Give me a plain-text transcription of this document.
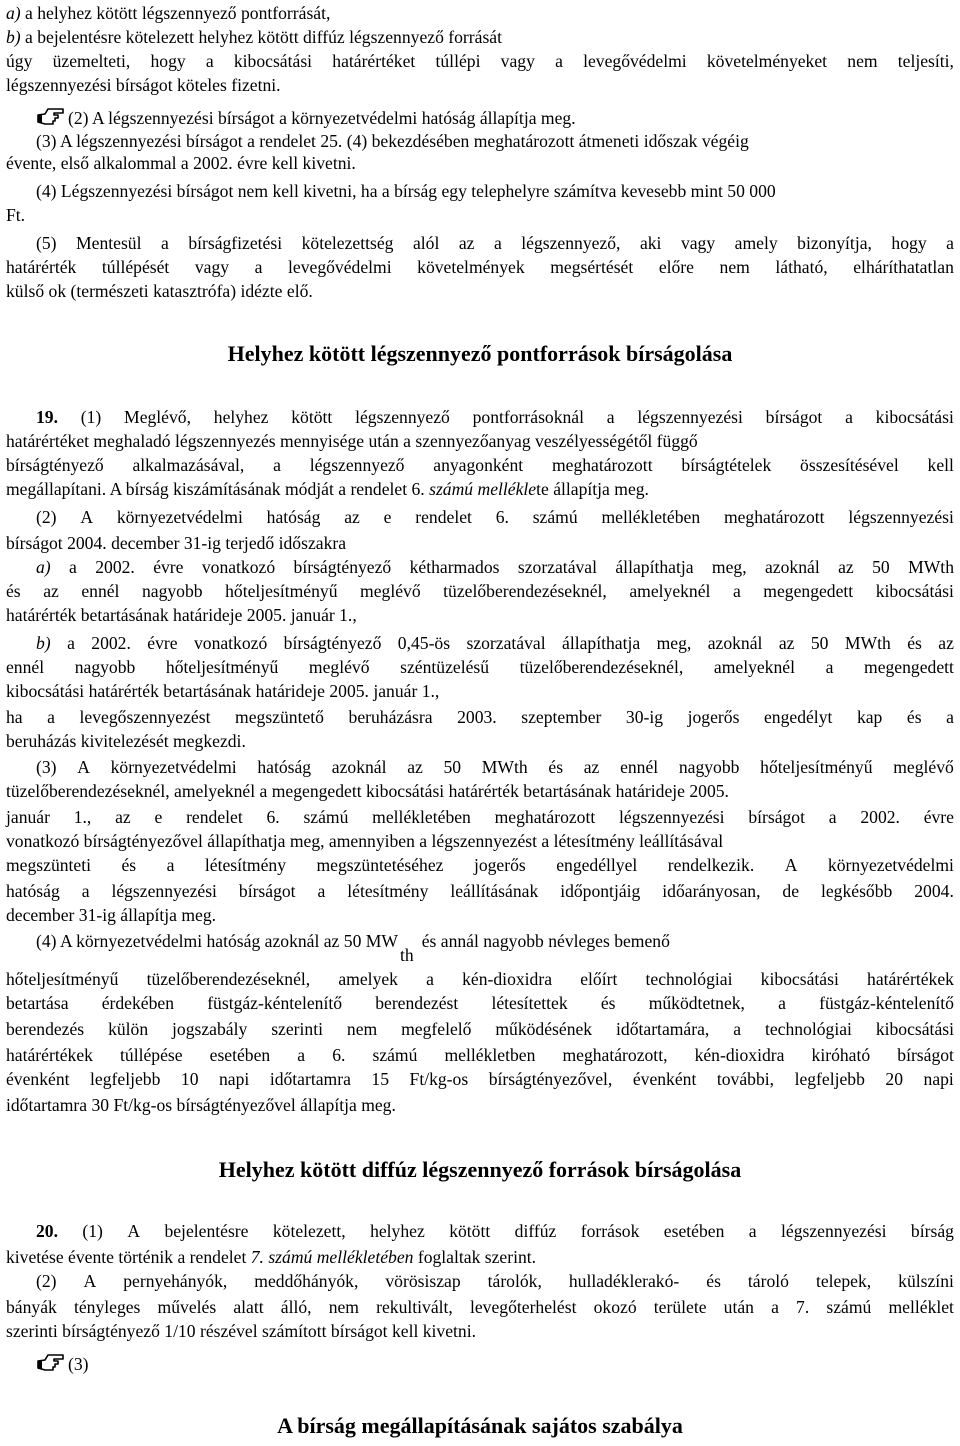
a) a helyhez kötött légszennyező pontforrását,
b) a bejelentésre kötelezett helyhez kötött diffúz légszennyező forrását
úgy üzemelteti, hogy a kibocsátási határértéket túllépi vagy a levegővédelmi követelményeket nem teljesíti,
légszennyezési bírságot köteles fizetni.
(2) A légszennyezési bírságot a környezetvédelmi hatóság állapítja meg.
(3) A légszennyezési bírságot a rendelet 25. (4) bekezdésében meghatározott átmeneti időszak végéig
évente, első alkalommal a 2002. évre kell kivetni.
(4) Légszennyezési bírságot nem kell kivetni, ha a bírság egy telephelyre számítva kevesebb mint 50 000
Ft.
(5) Mentesül a bírságfizetési kötelezettség alól az a légszennyező, aki vagy amely bizonyítja, hogy a
határérték túllépését vagy a levegővédelmi követelmények megsértését előre nem látható, elháríthatatlan
külső ok (természeti katasztrófa) idézte elő.
19. (1) Meglévő, helyhez kötött légszennyező pontforrásoknál a légszennyezési bírságot a kibocsátási
határértéket meghaladó légszennyezés mennyisége után a szennyezőanyag veszélyességétől függő
bírságtényező alkalmazásával, a légszennyező anyagonként meghatározott bírságtételek összesítésével kell
megállapítani. A bírság kiszámításának módját a rendelet 6. számú melléklete állapítja meg.
(2) A környezetvédelmi hatóság az e rendelet 6. számú mellékletében meghatározott légszennyezési
bírságot 2004. december 31-ig terjedő időszakra
a) a 2002. évre vonatkozó bírságtényező kétharmados szorzatával állapíthatja meg, azoknál az 50 MWth
és az ennél nagyobb hőteljesítményű meglévő tüzelőberendezéseknél, amelyeknél a megengedett kibocsátási
határérték betartásának határideje 2005. január 1.,
b) a 2002. évre vonatkozó bírságtényező 0,45-ös szorzatával állapíthatja meg, azoknál az 50 MWth és az
ennél nagyobb hőteljesítményű meglévő széntüzelésű tüzelőberendezéseknél, amelyeknél a megengedett
kibocsátási határérték betartásának határideje 2005. január 1.,
ha a levegőszennyezést megszüntető beruházásra 2003. szeptember 30-ig jogerős engedélyt kap és a
beruházás kivitelezését megkezdi.
(3) A környezetvédelmi hatóság azoknál az 50 MWth és az ennél nagyobb hőteljesítményű meglévő
tüzelőberendezéseknél, amelyeknél a megengedett kibocsátási határérték betartásának határideje 2005.
január 1., az e rendelet 6. számú mellékletében meghatározott légszennyezési bírságot a 2002. évre
vonatkozó bírságtényezővel állapíthatja meg, amennyiben a légszennyezést a létesítmény leállításával
megszünteti és a létesítmény megszüntetéséhez jogerős engedéllyel rendelkezik. A környezetvédelmi
hatóság a légszennyezési bírságot a létesítmény leállításának időpontjáig időarányosan, de legkésőbb 2004.
december 31-ig állapítja meg.
(4) A környezetvédelmi hatóság azoknál az 50 MWthés annál nagyobb névleges bemenő
hőteljesítményű tüzelőberendezéseknél, amelyek a kén-dioxidra előírt technológiai kibocsátási határértékek
betartása érdekében füstgáz-kéntelenítő berendezést létesítettek és működtetnek, a füstgáz-kéntelenítő
berendezés külön jogszabály szerinti nem megfelelő működésének időtartamára, a technológiai kibocsátási
határértékek túllépése esetében a 6. számú mellékletben meghatározott, kén-dioxidra kiróható bírságot
évenként legfeljebb 10 napi időtartamra 15 Ft/kg-os bírságtényezővel, évenként további, legfeljebb 20 napi
időtartamra 30 Ft/kg-os bírságtényezővel állapítja meg.
20. (1) A bejelentésre kötelezett, helyhez kötött diffúz források esetében a légszennyezési bírság
kivetése évente történik a rendelet 7. számú mellékletében foglaltak szerint.
(2) A pernyehányók, meddőhányók, vörösiszap tárolók, hulladéklerakó- és tároló telepek, külszíni
bányák tényleges művelés alatt álló, nem rekultivált, levegőterhelést okozó területe után a 7. számú melléklet
szerinti bírságtényező 1/10 részével számított bírságot kell kivetni.
(3)
Helyhez kötött légszennyező pontforrások bírságolása
Helyhez kötött diffúz légszennyező források bírságolása
A bírság megállapításának sajátos szabálya
